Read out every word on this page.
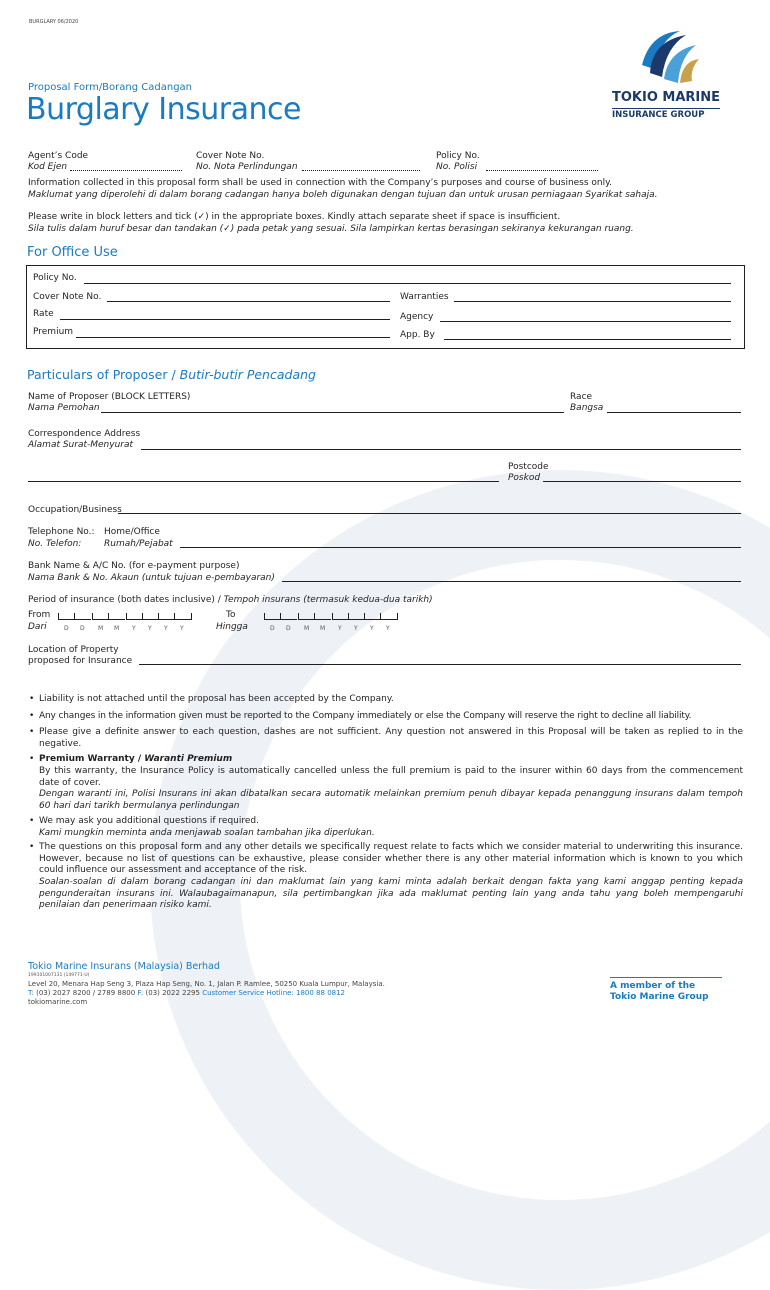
BURGLARY 06/2020
Proposal Form/Borang Cadangan
Burglary Insurance	TOKIO MARINE
INSURANCE GROUP
Agent’s Code
Kod Ejen
Cover Note No.
No. Nota Perlindungan
Policy No.
No. Polisi
Information collected in this proposal form shall be used in connection with the Company’s purposes and course of business only.
Maklumat yang diperolehi di dalam borang cadangan hanya boleh digunakan dengan tujuan dan untuk urusan perniagaan Syarikat sahaja.
Please write in block letters and tick (✓) in the appropriate boxes. Kindly attach separate sheet if space is insufficient.
Sila tulis dalam huruf besar dan tandakan (✓) pada petak yang sesuai. Sila lampirkan kertas berasingan sekiranya kekurangan ruang.
For Office Use
Policy No.
Cover Note No.	Warranties
Rate	Agency
Premium	App. By
Particulars of Proposer / Butir-butir Pencadang
Name of Proposer (BLOCK LETTERS)
Nama Pemohan
Race
Bangsa
Correspondence Address
Alamat Surat-Menyurat
Postcode
Poskod
Occupation/Business
Telephone No.:
No. Telefon:
Home/Office
Rumah/Pejabat
Bank Name & A/C No. (for e-payment purpose)
Nama Bank & No. Akaun (untuk tujuan e-pembayaran)
Period of insurance (both dates inclusive) / Tempoh insurans (termasuk kedua-dua tarikh)
From
Dari	D D M M Y Y Y Y
To
Hingga	D D M M Y Y Y Y
Location of Property
proposed for Insurance
• Liability is not attached until the proposal has been accepted by the Company.
• Any changes in the information given must be reported to the Company immediately or else the Company will reserve the right to decline all liability.
• Please give a definite answer to each question, dashes are not sufficient. Any question not answered in this Proposal will be taken as replied to in the negative.
• Premium Warranty / Waranti Premium
By this warranty, the Insurance Policy is automatically cancelled unless the full premium is paid to the insurer within 60 days from the commencement date of cover.
Dengan waranti ini, Polisi Insurans ini akan dibatalkan secara automatik melainkan premium penuh dibayar kepada penanggung insurans dalam tempoh 60 hari dari tarikh bermulanya perlindungan
• We may ask you additional questions if required.
Kami mungkin meminta anda menjawab soalan tambahan jika diperlukan.
• The questions on this proposal form and any other details we specifically request relate to facts which we consider material to underwriting this insurance. However, because no list of questions can be exhaustive, please consider whether there is any other material information which is known to you which could influence our assessment and acceptance of the risk.
Soalan-soalan di dalam borang cadangan ini dan maklumat lain yang kami minta adalah berkait dengan fakta yang kami anggap penting kepada pengunderaitan insurans ini. Walaubagaimanapun, sila pertimbangkan jika ada maklumat penting lain yang anda tahu yang boleh mempengaruhi penilaian dan penerimaan risiko kami.
Tokio Marine Insurans (Malaysia) Berhad
199101007131 (149771-U)
Level 20, Menara Hap Seng 3, Plaza Hap Seng, No. 1, Jalan P. Ramlee, 50250 Kuala Lumpur, Malaysia.
T: (03) 2027 8200 / 2789 8800 F: (03) 2022 2295 Customer Service Hotline: 1800 88 0812
tokiomarine.com
A member of the
Tokio Marine Group
